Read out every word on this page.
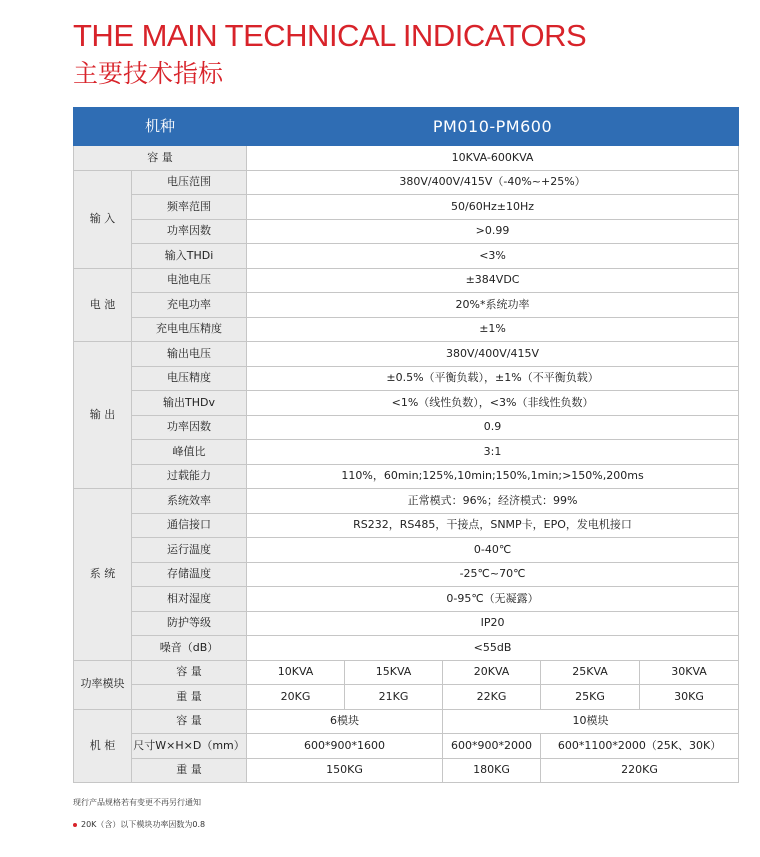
THE MAIN TECHNICAL INDICATORS
主要技术指标
机种		PM010-PM600				
容 量		10KVA-600KVA				
输 入	电压范围	380V/400V/415V（-40%~+25%）				
	频率范围	50/60Hz±10Hz				
	功率因数	>0.99				
	输入THDi	<3%				
电 池	电池电压	±384VDC				
	充电功率	20%*系统功率				
	充电电压精度	±1%				
输 出	输出电压	380V/400V/415V				
	电压精度	±0.5%（平衡负载），±1%（不平衡负载）				
	输出THDv	<1%（线性负数），<3%（非线性负数）				
	功率因数	0.9				
	峰值比	3:1				
	过载能力	110%，60min;125%,10min;150%,1min;>150%,200ms				
系 统	系统效率	正常模式：96%；经济模式：99%				
	通信接口	RS232，RS485，干接点，SNMP卡，EPO，发电机接口				
	运行温度	0-40℃				
	存储温度	-25℃~70℃				
	相对湿度	0-95℃（无凝露）				
	防护等级	IP20				
	噪音（dB）	<55dB				
功率模块	容 量	10KVA	15KVA	20KVA	25KVA	30KVA
	重 量	20KG	21KG	22KG	25KG	30KG
机 柜	容 量	6模块		10模块		
	尺寸W×H×D（mm）	600*900*1600		600*900*2000	600*1100*2000（25K、30K）	
	重 量	150KG		180KG	220KG	
现行产品规格若有变更不再另行通知
20K（含）以下模块功率因数为0.8
